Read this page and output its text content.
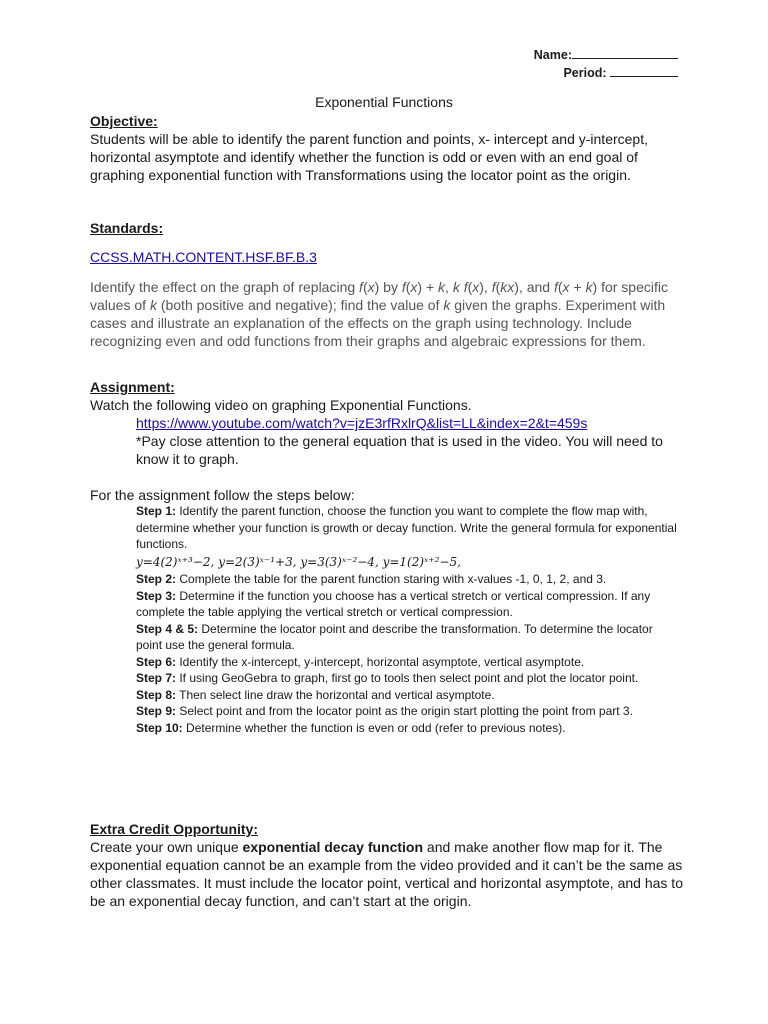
Name:
Period:
Exponential Functions
Objective:

Students will be able to identify the parent function and points, x- intercept and y-intercept, horizontal asymptote and identify whether the function is odd or even with an end goal of graphing exponential function with Transformations using the locator point as the origin.

Standards:
CCSS.MATH.CONTENT.HSF.BF.B.3

Identify the effect on the graph of replacing f(x) by f(x) + k, k f(x), f(kx), and f(x + k) for specific values of k (both positive and negative); find the value of k given the graphs. Experiment with cases and illustrate an explanation of the effects on the graph using technology. Include recognizing even and odd functions from their graphs and algebraic expressions for them.

Assignment:

Watch the following video on graphing Exponential Functions.

https://www.youtube.com/watch?v=jzE3rfRxlrQ&list=LL&index=2&t=459s
*Pay close attention to the general equation that is used in the video. You will need to know it to graph.
For the assignment follow the steps below:

Step 1: Identify the parent function, choose the function you want to complete the flow map with, determine whether your function is growth or decay function. Write the general formula for exponential functions.

y=4(2)ˣ⁺³−2, y=2(3)ˣ⁻¹+3, y=3(3)ˣ⁻²−4, y=1(2)ˣ⁺²−5,

Step 2: Complete the table for the parent function staring with x-values -1, 0, 1, 2, and 3.

Step 3: Determine if the function you choose has a vertical stretch or vertical compression. If any complete the table applying the vertical stretch or vertical compression.

Step 4 & 5: Determine the locator point and describe the transformation. To determine the locator point use the general formula.

Step 6: Identify the x-intercept, y-intercept, horizontal asymptote, vertical asymptote.

Step 7: If using GeoGebra to graph, first go to tools then select point and plot the locator point.

Step 8: Then select line draw the horizontal and vertical asymptote.

Step 9: Select point and from the locator point as the origin start plotting the point from part 3.

Step 10: Determine whether the function is even or odd (refer to previous notes).

Extra Credit Opportunity:

Create your own unique exponential decay function and make another flow map for it. The exponential equation cannot be an example from the video provided and it can’t be the same as other classmates. It must include the locator point, vertical and horizontal asymptote, and has to be an exponential decay function, and can’t start at the origin.
